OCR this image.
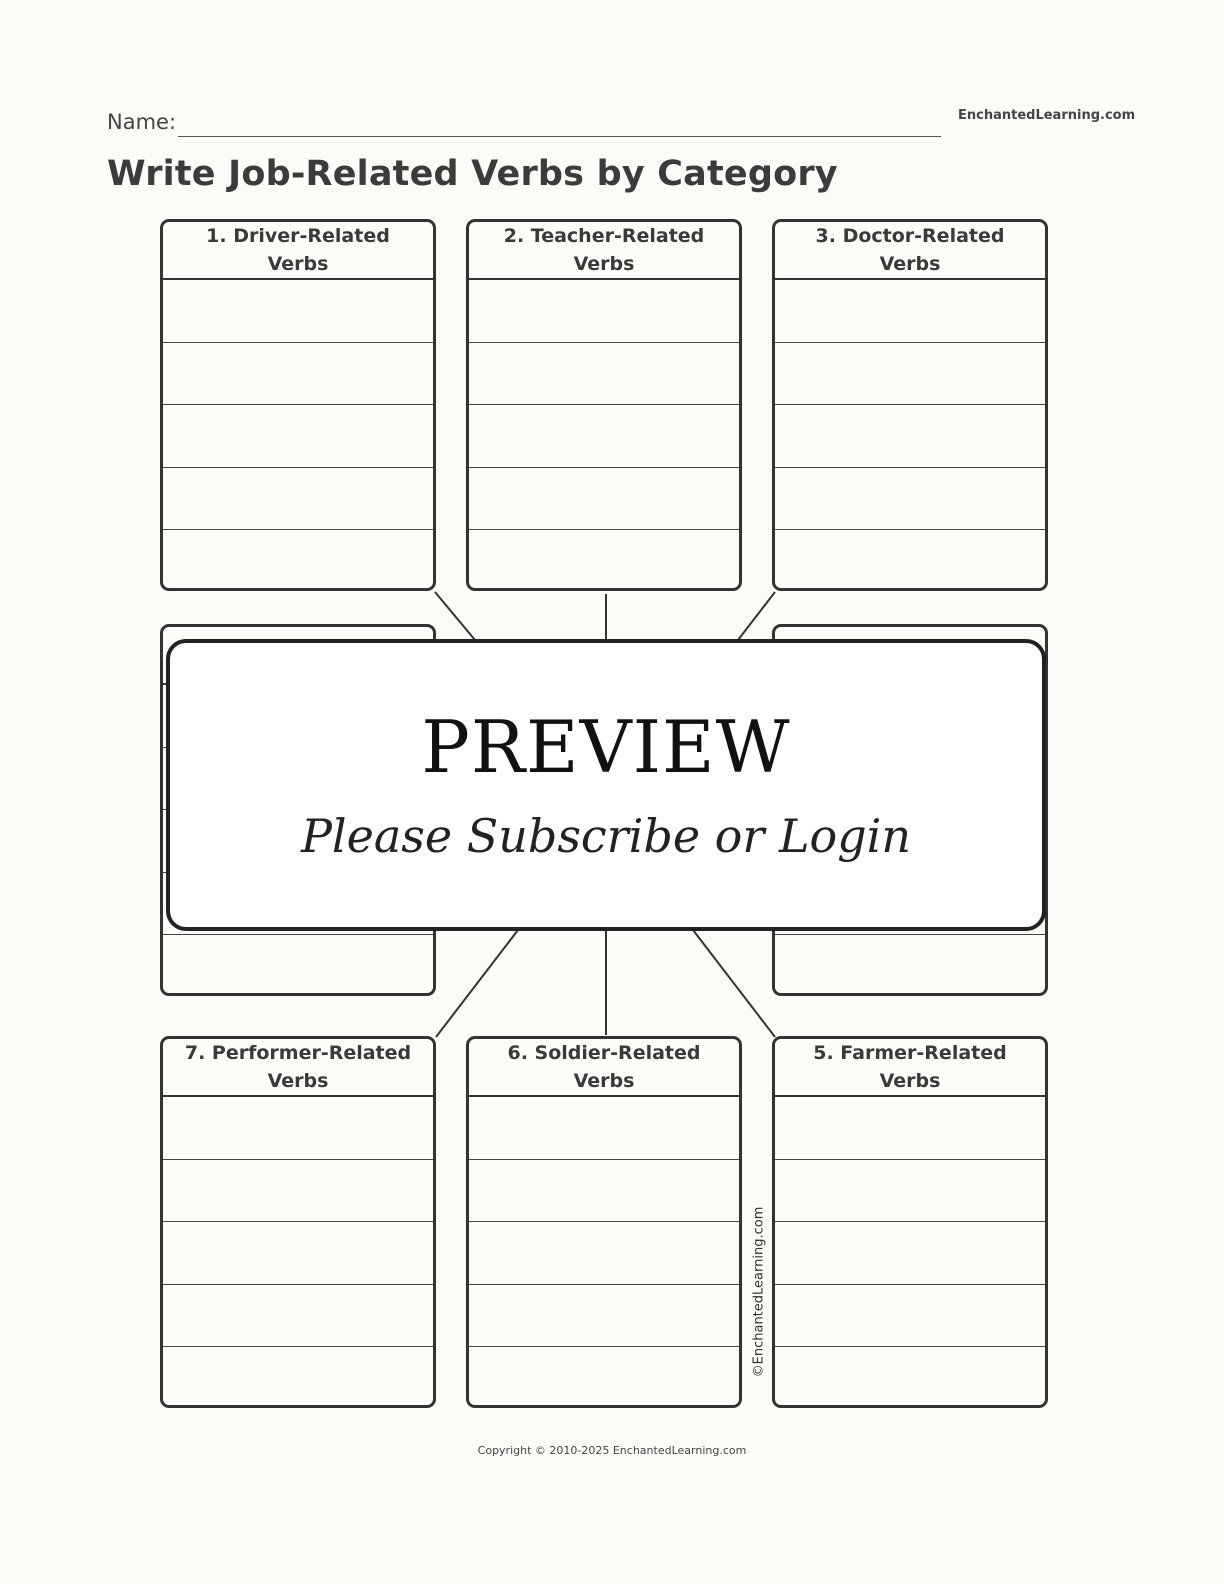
Name:	EnchantedLearning.com
Write Job-Related Verbs by Category
1. Driver-Related Verbs
2. Teacher-Related Verbs
3. Doctor-Related Verbs
7. Performer-Related Verbs
6. Soldier-Related Verbs
5. Farmer-Related Verbs
PREVIEW
Please Subscribe or Login
©EnchantedLearning.com
Copyright © 2010-2025 EnchantedLearning.com
